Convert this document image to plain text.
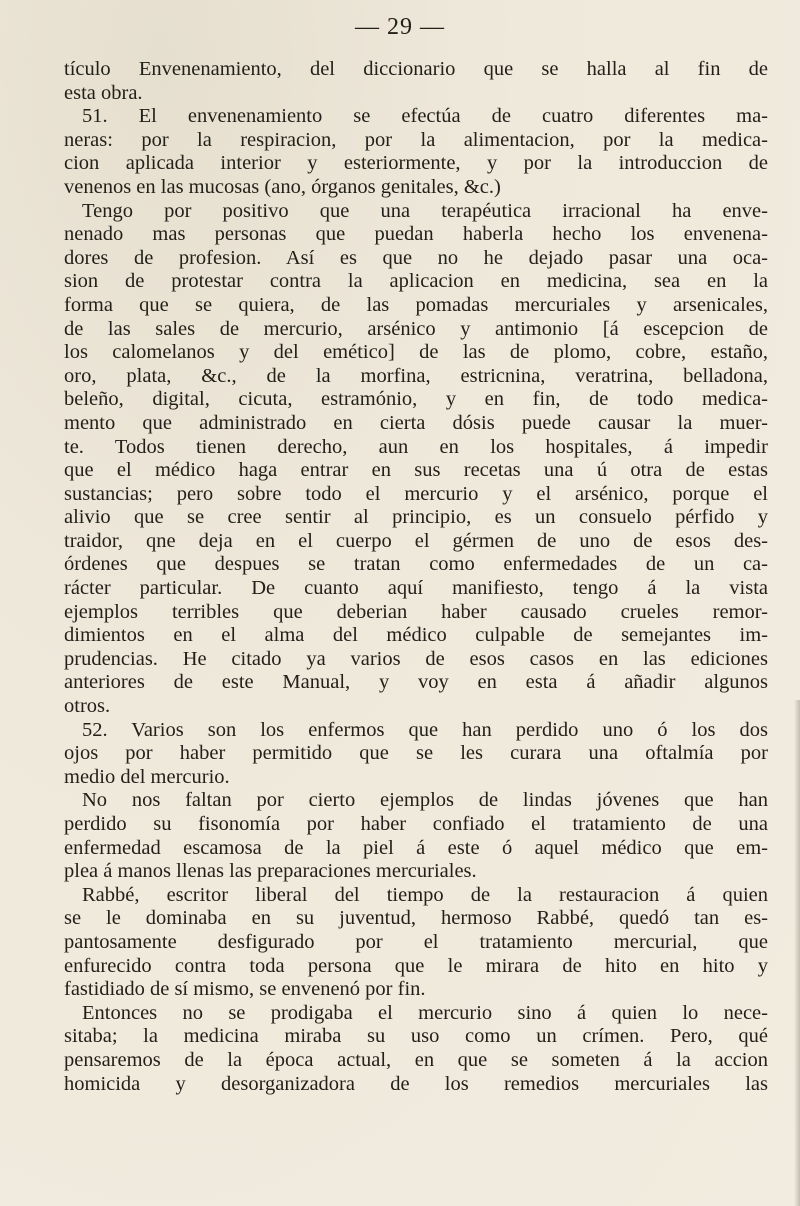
— 29 —
tículo Envenenamiento, del diccionario que se halla al fin de
esta obra.
51. El envenenamiento se efectúa de cuatro diferentes ma-
neras: por la respiracion, por la alimentacion, por la medica-
cion aplicada interior y esteriormente, y por la introduccion de
venenos en las mucosas (ano, órganos genitales, &c.)
Tengo por positivo que una terapéutica irracional ha enve-
nenado mas personas que puedan haberla hecho los envenena-
dores de profesion. Así es que no he dejado pasar una oca-
sion de protestar contra la aplicacion en medicina, sea en la
forma que se quiera, de las pomadas mercuriales y arsenicales,
de las sales de mercurio, arsénico y antimonio [á escepcion de
los calomelanos y del emético] de las de plomo, cobre, estaño,
oro, plata, &c., de la morfina, estricnina, veratrina, belladona,
beleño, digital, cicuta, estramónio, y en fin, de todo medica-
mento que administrado en cierta dósis puede causar la muer-
te. Todos tienen derecho, aun en los hospitales, á impedir
que el médico haga entrar en sus recetas una ú otra de estas
sustancias; pero sobre todo el mercurio y el arsénico, porque el
alivio que se cree sentir al principio, es un consuelo pérfido y
traidor, qne deja en el cuerpo el gérmen de uno de esos des-
órdenes que despues se tratan como enfermedades de un ca-
rácter particular. De cuanto aquí manifiesto, tengo á la vista
ejemplos terribles que deberian haber causado crueles remor-
dimientos en el alma del médico culpable de semejantes im-
prudencias. He citado ya varios de esos casos en las ediciones
anteriores de este Manual, y voy en esta á añadir algunos
otros.
52. Varios son los enfermos que han perdido uno ó los dos
ojos por haber permitido que se les curara una oftalmía por
medio del mercurio.
No nos faltan por cierto ejemplos de lindas jóvenes que han
perdido su fisonomía por haber confiado el tratamiento de una
enfermedad escamosa de la piel á este ó aquel médico que em-
plea á manos llenas las preparaciones mercuriales.
Rabbé, escritor liberal del tiempo de la restauracion á quien
se le dominaba en su juventud, hermoso Rabbé, quedó tan es-
pantosamente desfigurado por el tratamiento mercurial, que
enfurecido contra toda persona que le mirara de hito en hito y
fastidiado de sí mismo, se envenenó por fin.
Entonces no se prodigaba el mercurio sino á quien lo nece-
sitaba; la medicina miraba su uso como un crímen. Pero, qué
pensaremos de la época actual, en que se someten á la accion
homicida y desorganizadora de los remedios mercuriales las
